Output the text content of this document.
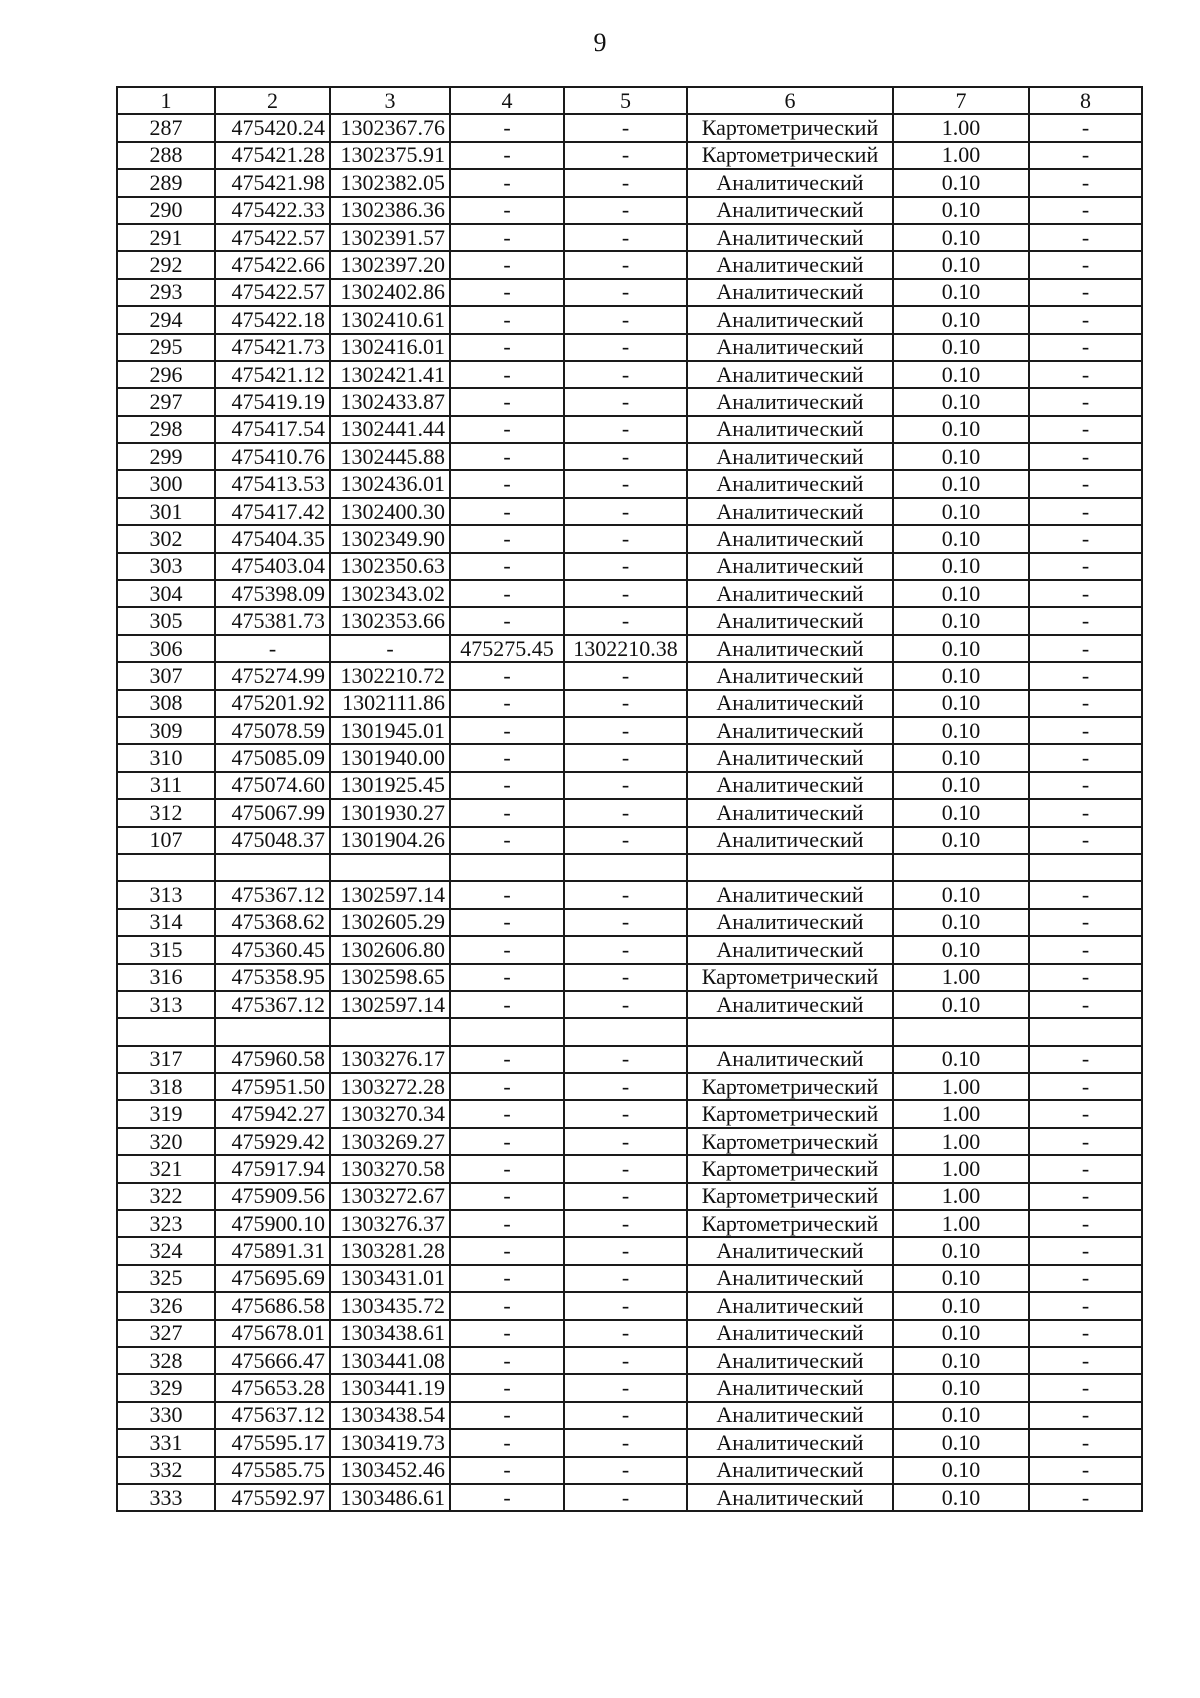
9
1	2	3	4	5	6	7	8
287	475420.24	1302367.76	-	-	Картометрический	1.00	-
288	475421.28	1302375.91	-	-	Картометрический	1.00	-
289	475421.98	1302382.05	-	-	Аналитический	0.10	-
290	475422.33	1302386.36	-	-	Аналитический	0.10	-
291	475422.57	1302391.57	-	-	Аналитический	0.10	-
292	475422.66	1302397.20	-	-	Аналитический	0.10	-
293	475422.57	1302402.86	-	-	Аналитический	0.10	-
294	475422.18	1302410.61	-	-	Аналитический	0.10	-
295	475421.73	1302416.01	-	-	Аналитический	0.10	-
296	475421.12	1302421.41	-	-	Аналитический	0.10	-
297	475419.19	1302433.87	-	-	Аналитический	0.10	-
298	475417.54	1302441.44	-	-	Аналитический	0.10	-
299	475410.76	1302445.88	-	-	Аналитический	0.10	-
300	475413.53	1302436.01	-	-	Аналитический	0.10	-
301	475417.42	1302400.30	-	-	Аналитический	0.10	-
302	475404.35	1302349.90	-	-	Аналитический	0.10	-
303	475403.04	1302350.63	-	-	Аналитический	0.10	-
304	475398.09	1302343.02	-	-	Аналитический	0.10	-
305	475381.73	1302353.66	-	-	Аналитический	0.10	-
306	-	-	475275.45	1302210.38	Аналитический	0.10	-
307	475274.99	1302210.72	-	-	Аналитический	0.10	-
308	475201.92	1302111.86	-	-	Аналитический	0.10	-
309	475078.59	1301945.01	-	-	Аналитический	0.10	-
310	475085.09	1301940.00	-	-	Аналитический	0.10	-
311	475074.60	1301925.45	-	-	Аналитический	0.10	-
312	475067.99	1301930.27	-	-	Аналитический	0.10	-
107	475048.37	1301904.26	-	-	Аналитический	0.10	-

313	475367.12	1302597.14	-	-	Аналитический	0.10	-
314	475368.62	1302605.29	-	-	Аналитический	0.10	-
315	475360.45	1302606.80	-	-	Аналитический	0.10	-
316	475358.95	1302598.65	-	-	Картометрический	1.00	-
313	475367.12	1302597.14	-	-	Аналитический	0.10	-

317	475960.58	1303276.17	-	-	Аналитический	0.10	-
318	475951.50	1303272.28	-	-	Картометрический	1.00	-
319	475942.27	1303270.34	-	-	Картометрический	1.00	-
320	475929.42	1303269.27	-	-	Картометрический	1.00	-
321	475917.94	1303270.58	-	-	Картометрический	1.00	-
322	475909.56	1303272.67	-	-	Картометрический	1.00	-
323	475900.10	1303276.37	-	-	Картометрический	1.00	-
324	475891.31	1303281.28	-	-	Аналитический	0.10	-
325	475695.69	1303431.01	-	-	Аналитический	0.10	-
326	475686.58	1303435.72	-	-	Аналитический	0.10	-
327	475678.01	1303438.61	-	-	Аналитический	0.10	-
328	475666.47	1303441.08	-	-	Аналитический	0.10	-
329	475653.28	1303441.19	-	-	Аналитический	0.10	-
330	475637.12	1303438.54	-	-	Аналитический	0.10	-
331	475595.17	1303419.73	-	-	Аналитический	0.10	-
332	475585.75	1303452.46	-	-	Аналитический	0.10	-
333	475592.97	1303486.61	-	-	Аналитический	0.10	-
